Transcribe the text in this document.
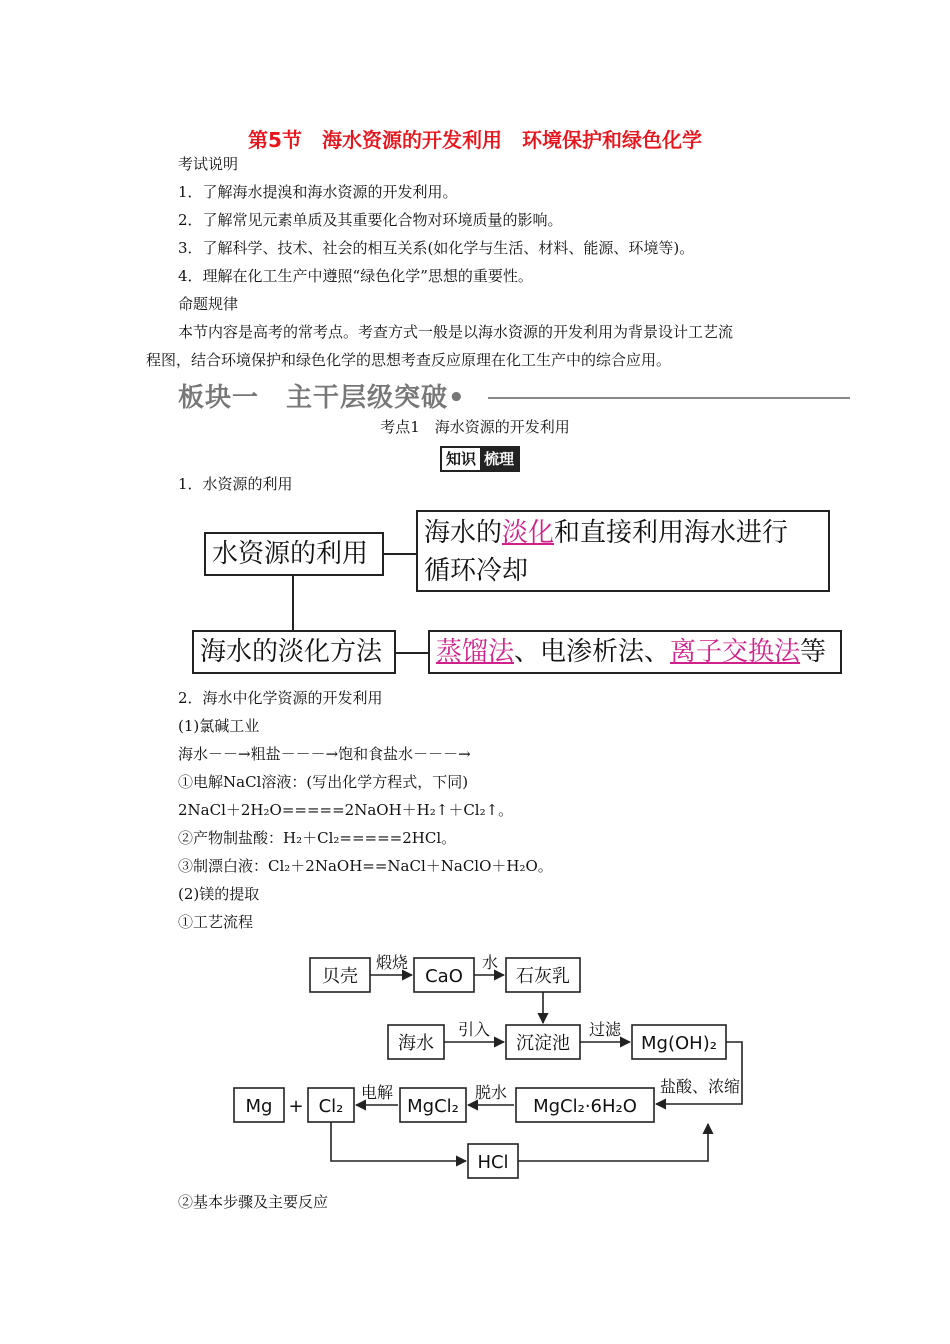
第5节　海水资源的开发利用　环境保护和绿色化学
考试说明
1．了解海水提溴和海水资源的开发利用。
2．了解常见元素单质及其重要化合物对环境质量的影响。
3．了解科学、技术、社会的相互关系(如化学与生活、材料、能源、环境等)。
4．理解在化工生产中遵照“绿色化学”思想的重要性。
命题规律
本节内容是高考的常考点。考查方式一般是以海水资源的开发利用为背景设计工艺流
程图，结合环境保护和绿色化学的思想考查反应原理在化工生产中的综合应用。
板块一　主干层级突破•
考点1　海水资源的开发利用
知识 梳理
1．水资源的利用
水资源的利用
海水的淡化和直接利用海水进行
循环冷却
海水的淡化方法	蒸馏法、电渗析法、离子交换法等
2．海水中化学资源的开发利用
(1)氯碱工业
海水－－→粗盐－－－→饱和食盐水－－－→
①电解NaCl溶液：(写出化学方程式，下同)
2NaCl＋2H₂O=====2NaOH＋H₂↑＋Cl₂↑。
②产物制盐酸：H₂＋Cl₂=====2HCl。
③制漂白液：Cl₂＋2NaOH==NaCl＋NaClO＋H₂O。
(2)镁的提取
①工艺流程
贝壳
煅烧
CaO
水
石灰乳
海水
引入
沉淀池
过滤
Mg(OH)₂
盐酸、浓缩
Mg + Cl₂
电解
MgCl₂
脱水
MgCl₂·6H₂O
HCl
②基本步骤及主要反应
